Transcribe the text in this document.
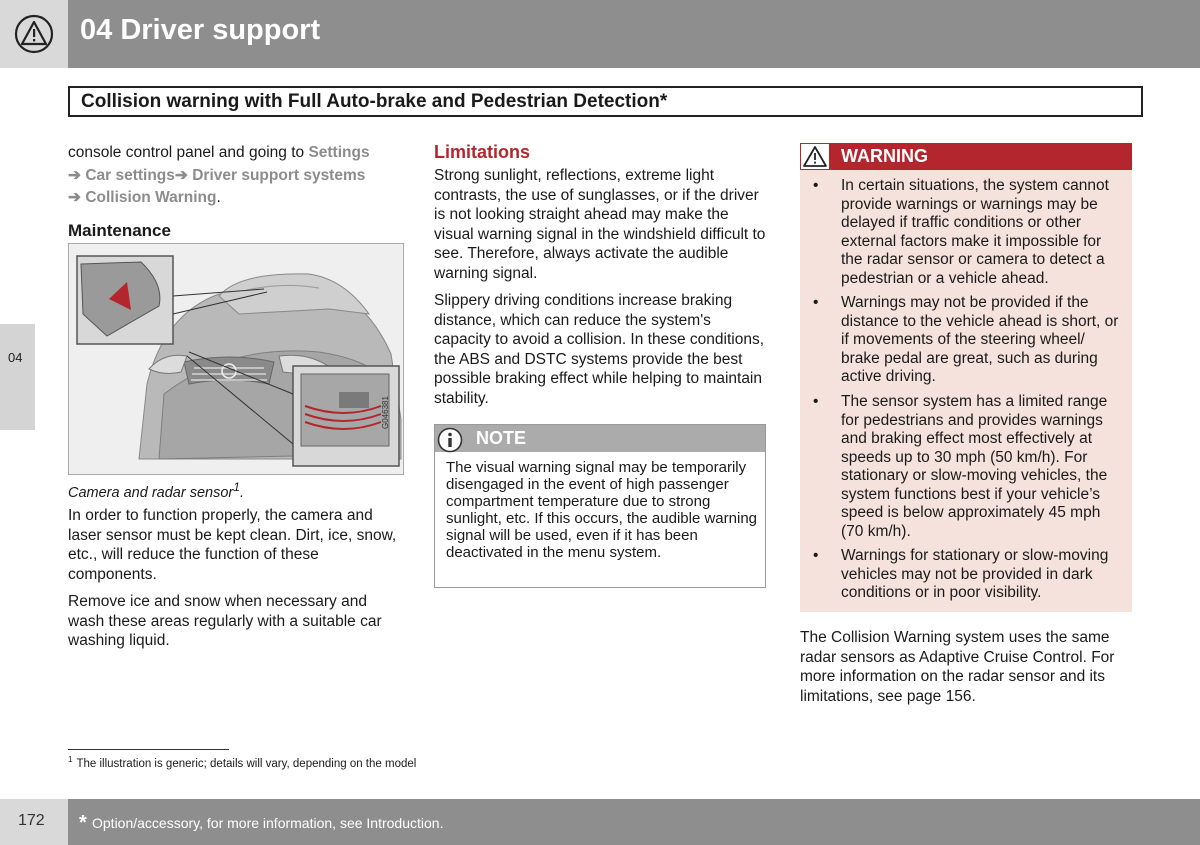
04 Driver support
Collision warning with Full Auto-brake and Pedestrian Detection*
04

console control panel and going to Settings

➔ Car settings➔ Driver support systems

➔ Collision Warning.

Maintenance
G046381
Camera and radar sensor$^1$.

In order to function properly, the camera and laser sensor must be kept clean. Dirt, ice, snow, etc., will reduce the function of these components.

Remove ice and snow when necessary and wash these areas regularly with a suitable car washing liquid.

Limitations

Strong sunlight, reflections, extreme light contrasts, the use of sunglasses, or if the driver is not looking straight ahead may make the visual warning signal in the windshield difficult to see. Therefore, always activate the audible warning signal.

Slippery driving conditions increase braking distance, which can reduce the system's capacity to avoid a collision. In these conditions, the ABS and DSTC systems provide the best possible braking effect while helping to maintain stability.

NOTE

The visual warning signal may be temporarily disengaged in the event of high passenger compartment temperature due to strong sunlight, etc. If this occurs, the audible warning signal will be used, even if it has been deactivated in the menu system.

WARNING
• In certain situations, the system cannot provide warnings or warnings may be delayed if traffic conditions or other external factors make it impossible for the radar sensor or camera to detect a pedestrian or a vehicle ahead.
• Warnings may not be provided if the distance to the vehicle ahead is short, or if movements of the steering wheel/ brake pedal are great, such as during active driving.
• The sensor system has a limited range for pedestrians and provides warnings and braking effect most effectively at speeds up to 30 mph (50 km/h). For stationary or slow-moving vehicles, the system functions best if your vehicle’s speed is below approximately 45 mph (70 km/h).
• Warnings for stationary or slow-moving vehicles may not be provided in dark conditions or in poor visibility.

The Collision Warning system uses the same radar sensors as Adaptive Cruise Control. For more information on the radar sensor and its limitations, see page 156.

$^1$ The illustration is generic; details will vary, depending on the model
172 * Option/accessory, for more information, see Introduction.
